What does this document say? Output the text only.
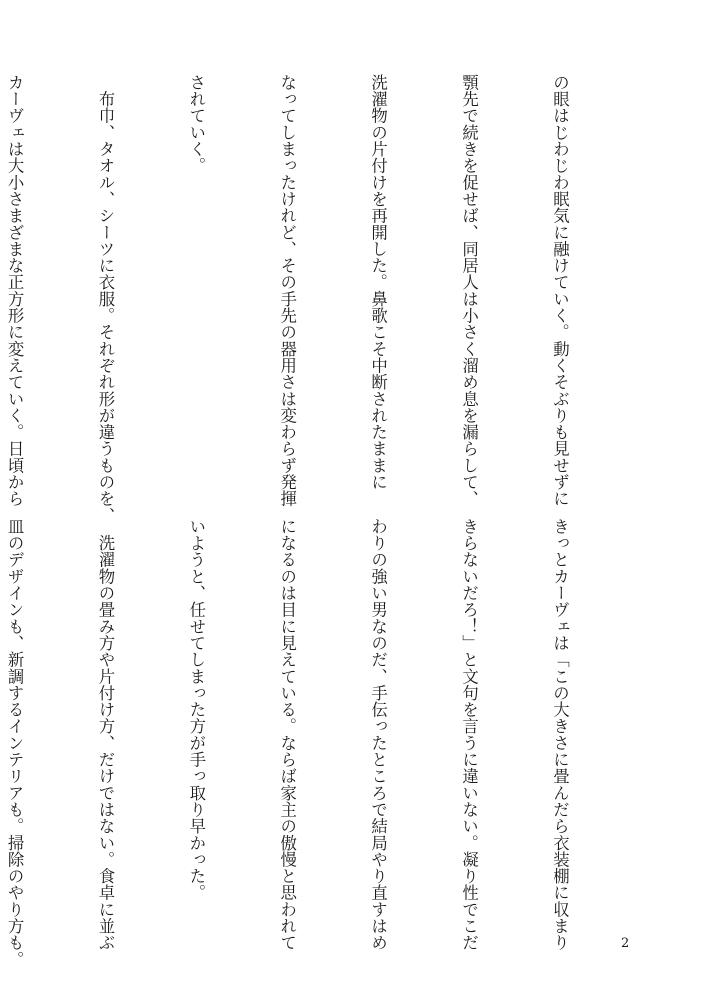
の眼はじわじわ眠気に融けていく。動くそぶりも見せずに

顎先で続きを促せば、同居人は小さく溜め息を漏らして、

洗濯物の片付けを再開した。鼻歌こそ中断されたままに

なってしまったけれど、その手先の器用さは変わらず発揮

されていく。

　布巾、タオル、シーツに衣服。それぞれ形が違うものを、

カーヴェは大小さまざまな正方形に変えていく。日頃から

きっとカーヴェは「この大きさに畳んだら衣装棚に収まり

きらないだろ！」と文句を言うに違いない。凝り性でこだ

わりの強い男なのだ、手伝ったところで結局やり直すはめ

になるのは目に見えている。ならば家主の傲慢と思われて

いようと、任せてしまった方が手っ取り早かった。

　洗濯物の畳み方や片付け方、だけではない。食卓に並ぶ

皿のデザインも、新調するインテリアも。掃除のやり方も。

	2
